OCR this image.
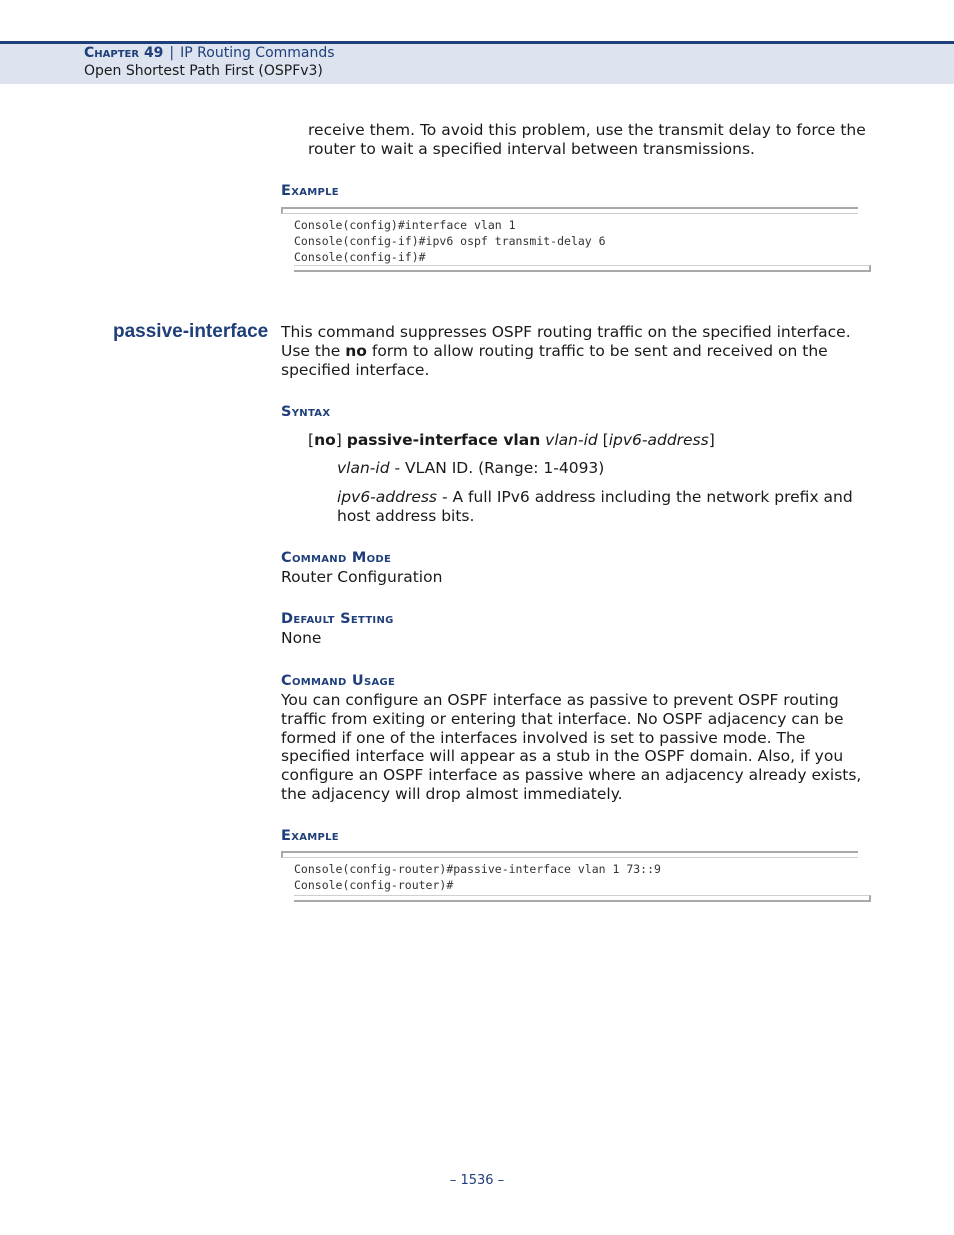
Chapter 49 | IP Routing Commands
Open Shortest Path First (OSPFv3)
receive them. To avoid this problem, use the transmit delay to force the
router to wait a specified interval between transmissions.
Example
Console(config)#interface vlan 1
Console(config-if)#ipv6 ospf transmit-delay 6
Console(config-if)#
passive-interface This command suppresses OSPF routing traffic on the specified interface.
Use the no form to allow routing traffic to be sent and received on the
specified interface.
Syntax
[no] passive-interface vlan vlan-id [ipv6-address]
vlan-id - VLAN ID. (Range: 1-4093)
ipv6-address - A full IPv6 address including the network prefix and
host address bits.
Command Mode
Router Configuration
Default Setting
None
Command Usage
You can configure an OSPF interface as passive to prevent OSPF routing
traffic from exiting or entering that interface. No OSPF adjacency can be
formed if one of the interfaces involved is set to passive mode. The
specified interface will appear as a stub in the OSPF domain. Also, if you
configure an OSPF interface as passive where an adjacency already exists,
the adjacency will drop almost immediately.
Example
Console(config-router)#passive-interface vlan 1 73::9
Console(config-router)#
– 1536 –
